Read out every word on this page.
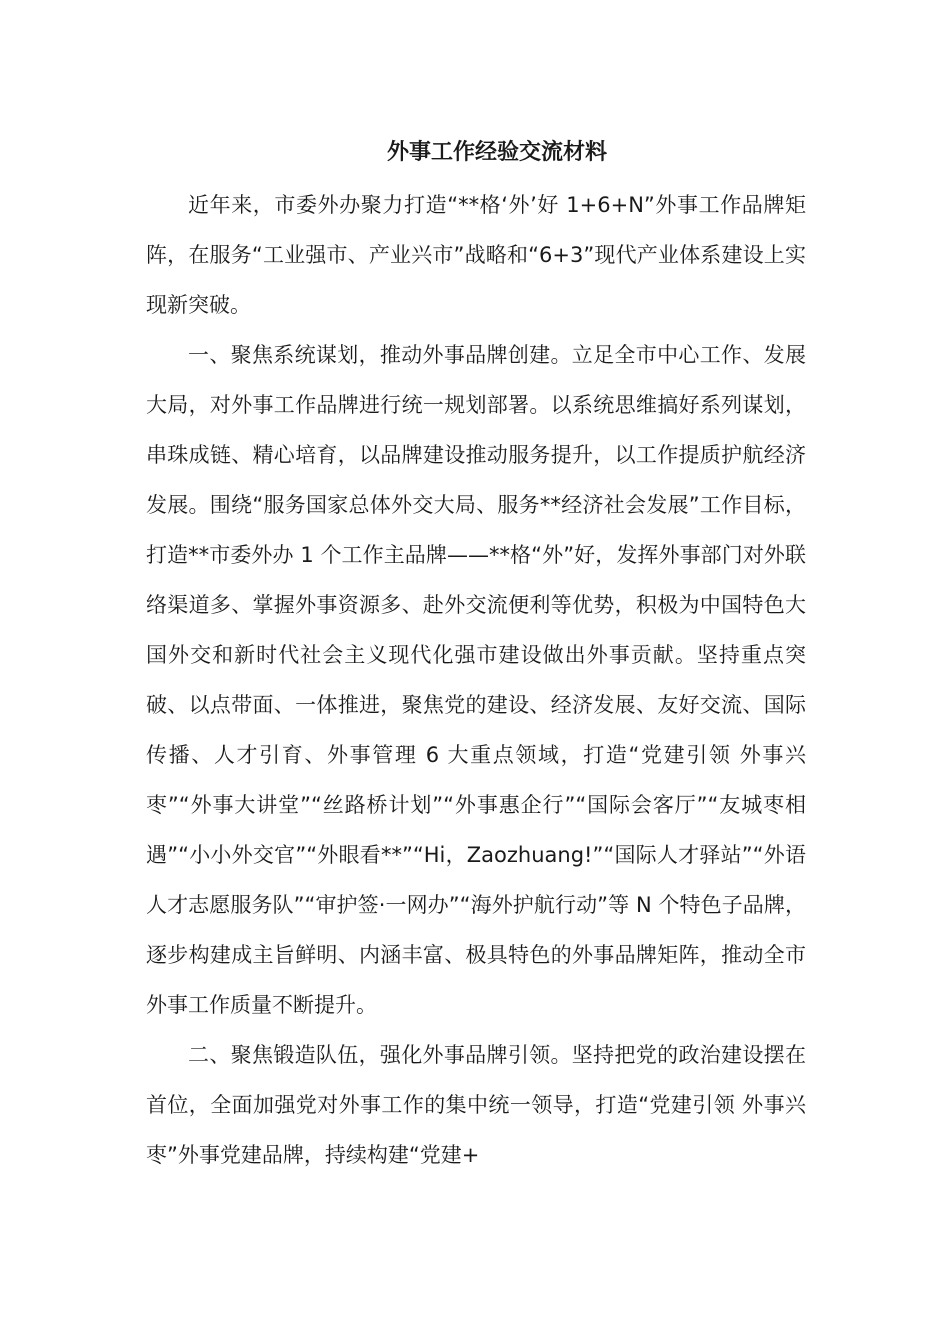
外事工作经验交流材料

近年来，市委外办聚力打造“**格‘外’好 1+6+N”外事工作品牌矩阵，在服务“工业强市、产业兴市”战略和“6+3”现代产业体系建设上实现新突破。

一、聚焦系统谋划，推动外事品牌创建。立足全市中心工作、发展大局，对外事工作品牌进行统一规划部署。以系统思维搞好系列谋划，串珠成链、精心培育，以品牌建设推动服务提升，以工作提质护航经济发展。围绕“服务国家总体外交大局、服务**经济社会发展”工作目标，打造**市委外办 1 个工作主品牌——**格“外”好，发挥外事部门对外联络渠道多、掌握外事资源多、赴外交流便利等优势，积极为中国特色大国外交和新时代社会主义现代化强市建设做出外事贡献。坚持重点突破、以点带面、一体推进，聚焦党的建设、经济发展、友好交流、国际传播、人才引育、外事管理 6 大重点领域，打造“党建引领 外事兴枣”“外事大讲堂”“丝路桥计划”“外事惠企行”“国际会客厅”“友城枣相遇”“小小外交官”“外眼看**”“Hi，Zaozhuang!”“国际人才驿站”“外语人才志愿服务队”“审护签·一网办”“海外护航行动”等 N 个特色子品牌，逐步构建成主旨鲜明、内涵丰富、极具特色的外事品牌矩阵，推动全市外事工作质量不断提升。

二、聚焦锻造队伍，强化外事品牌引领。坚持把党的政治建设摆在首位，全面加强党对外事工作的集中统一领导，打造“党建引领 外事兴枣”外事党建品牌，持续构建“党建+
